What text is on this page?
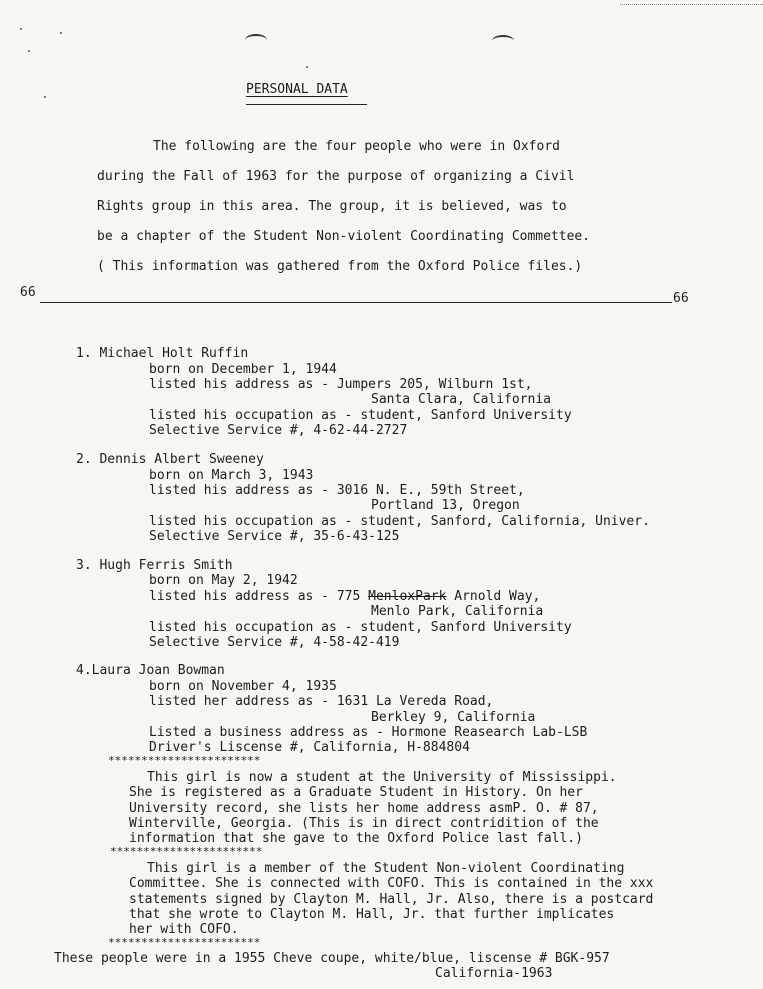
PERSONAL DATA
The following are the four people who were in Oxford
during the Fall of 1963 for the purpose of organizing a Civil
Rights group in this area. The group, it is believed, was to
be a chapter of the Student Non-violent Coordinating Commettee.
( This information was gathered from the Oxford Police files.)
66	66
1. Michael Holt Ruffin
born on December 1, 1944
listed his address as - Jumpers 205, Wilburn 1st,
Santa Clara, California
listed his occupation as - student, Sanford University
Selective Service #, 4-62-44-2727
2. Dennis Albert Sweeney
born on March 3, 1943
listed his address as - 3016 N. E., 59th Street,
Portland 13, Oregon
listed his occupation as - student, Sanford, California, Univer.
Selective Service #, 35-6-43-125
3. Hugh Ferris Smith
born on May 2, 1942
listed his address as - 775 MenloxPark Arnold Way,
Menlo Park, California
listed his occupation as - student, Sanford University
Selective Service #, 4-58-42-419
4.Laura Joan Bowman
born on November 4, 1935
listed her address as - 1631 La Vereda Road,
Berkley 9, California
Listed a business address as - Hormone Reasearch Lab-LSB
Driver's Liscense #, California, H-884804
***********************
This girl is now a student at the University of Mississippi.
She is registered as a Graduate Student in History. On her
University record, she lists her home address asmP. O. # 87,
Winterville, Georgia. (This is in direct contridition of the
information that she gave to the Oxford Police last fall.)
***********************
This girl is a member of the Student Non-violent Coordinating
Committee. She is connected with COFO. This is contained in the xxx
statements signed by Clayton M. Hall, Jr. Also, there is a postcard
that she wrote to Clayton M. Hall, Jr. that further implicates
her with COFO.
***********************
These people were in a 1955 Cheve coupe, white/blue, liscense # BGK-957
California-1963
